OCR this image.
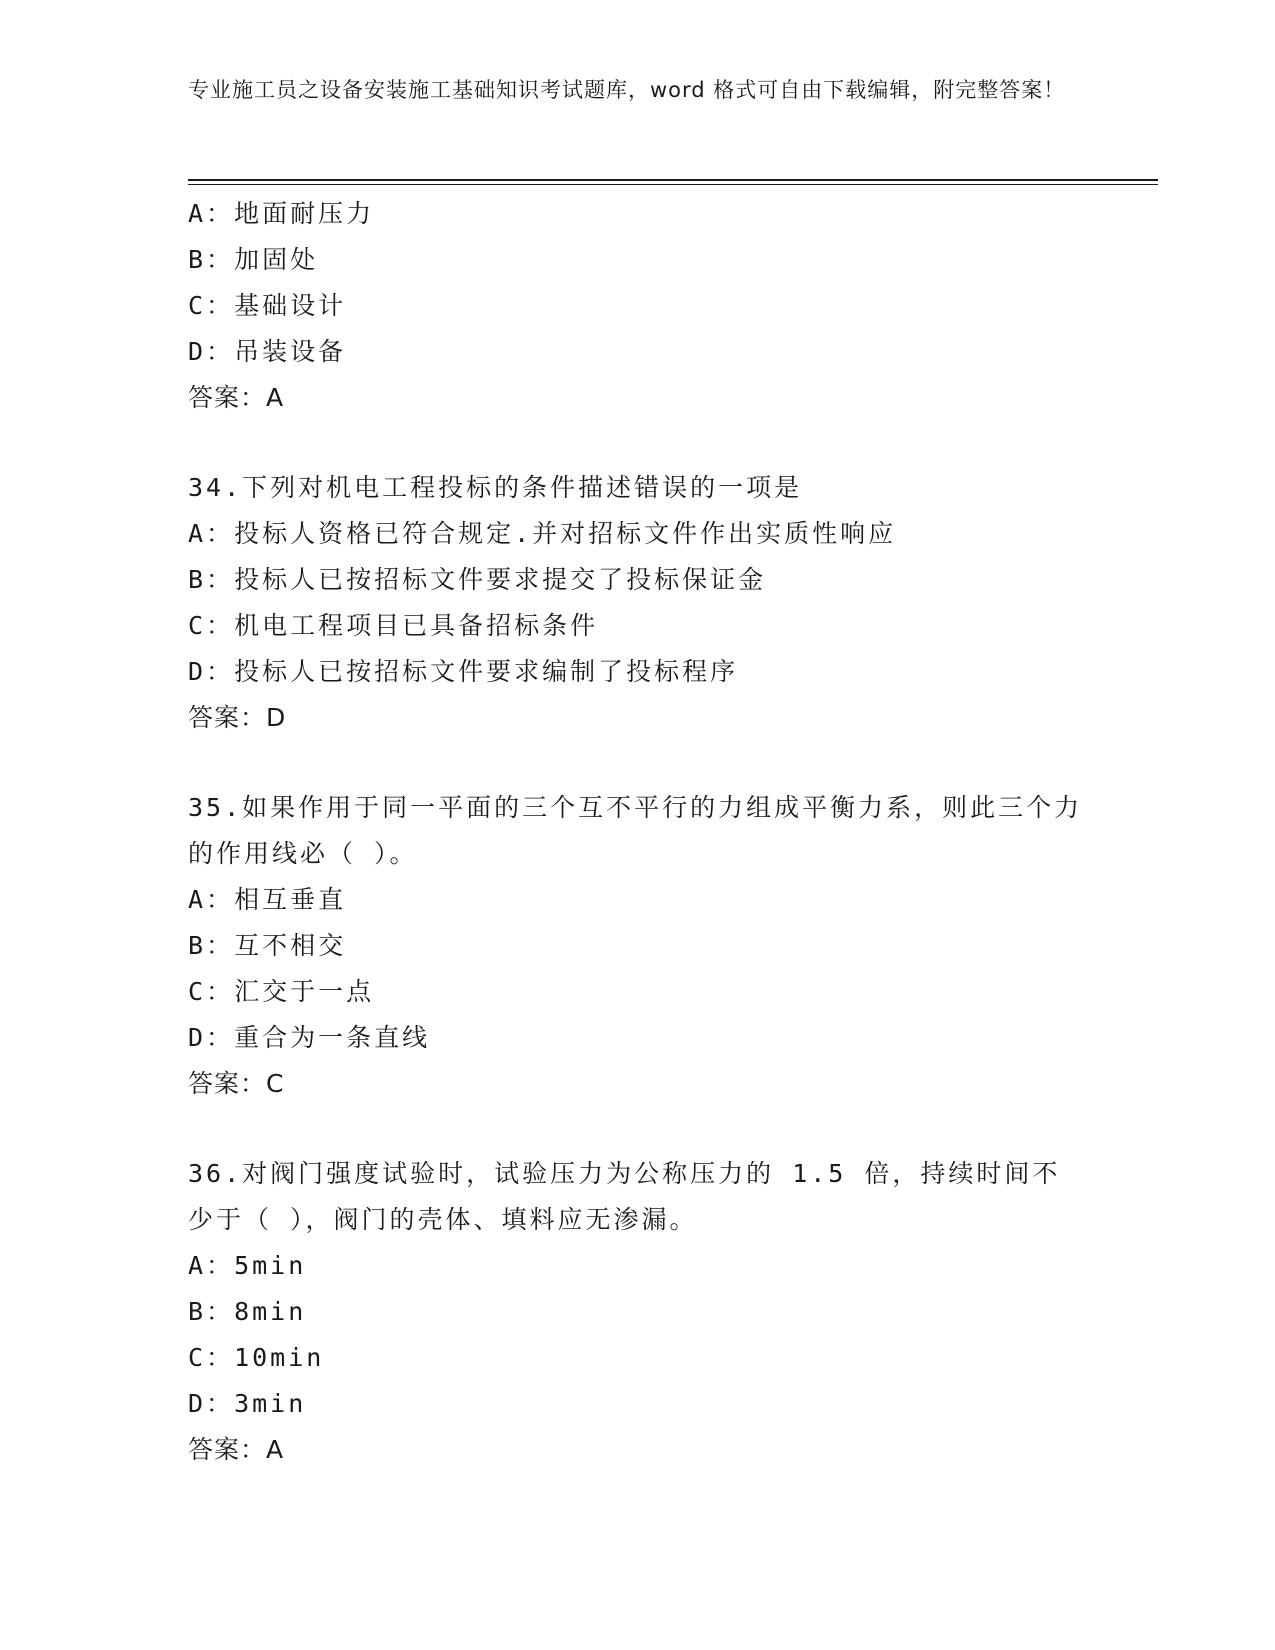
专业施工员之设备安装施工基础知识考试题库，word 格式可自由下载编辑，附完整答案！
A：地面耐压力
B：加固处
C：基础设计
D：吊装设备
答案：A
34.下列对机电工程投标的条件描述错误的一项是
A：投标人资格已符合规定.并对招标文件作出实质性响应
B：投标人已按招标文件要求提交了投标保证金
C：机电工程项目已具备招标条件
D：投标人已按招标文件要求编制了投标程序
答案：D
35.如果作用于同一平面的三个互不平行的力组成平衡力系，则此三个力的作用线必（ ）。
A：相互垂直
B：互不相交
C：汇交于一点
D：重合为一条直线
答案：C
36.对阀门强度试验时，试验压力为公称压力的 1.5 倍，持续时间不少于（ ），阀门的壳体、填料应无渗漏。
A：5min
B：8min
C：10min
D：3min
答案：A
